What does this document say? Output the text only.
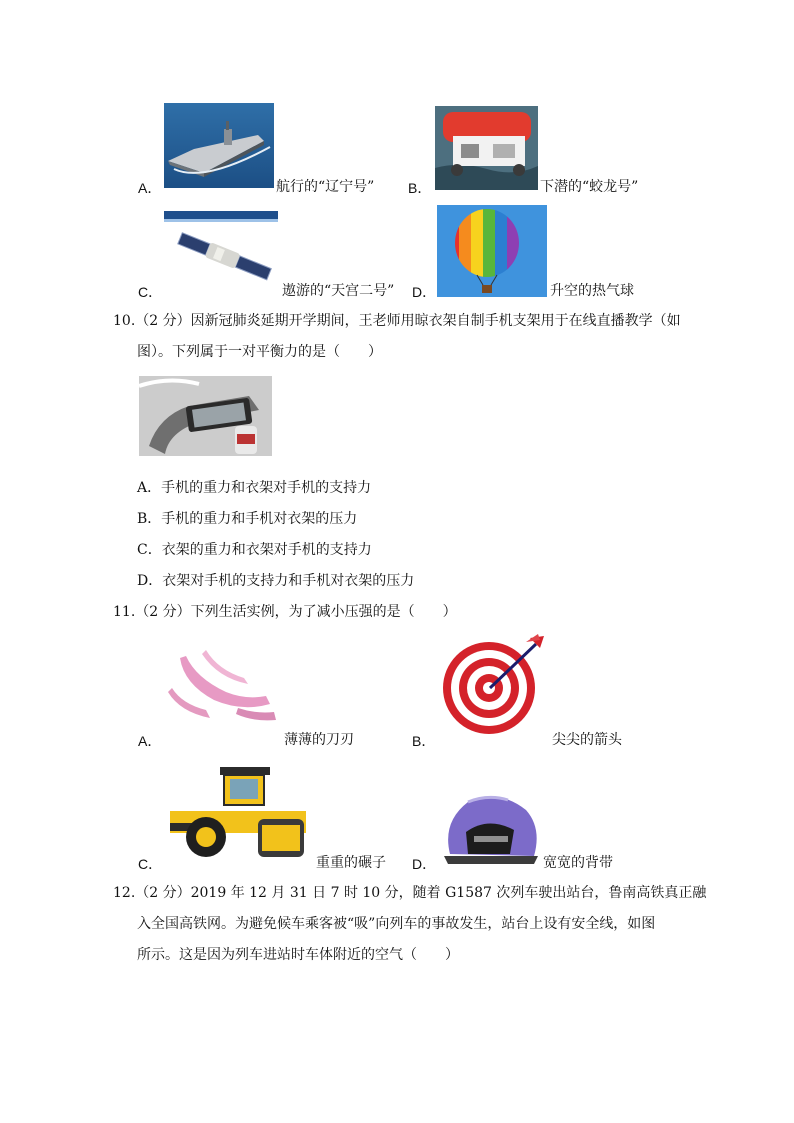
A．	航行的“辽宁号” B．	下潜的“蛟龙号”
C．	遨游的“天宫二号” D．	升空的热气球
10.（2 分）因新冠肺炎延期开学期间，王老师用晾衣架自制手机支架用于在线直播教学（如
图）。下列属于一对平衡力的是（　　）
A．手机的重力和衣架对手机的支持力
B．手机的重力和手机对衣架的压力
C．衣架的重力和衣架对手机的支持力
D．衣架对手机的支持力和手机对衣架的压力
11.（2 分）下列生活实例，为了减小压强的是（　　）
A．	薄薄的刀刃	B．	尖尖的箭头
C．	重重的碾子 D．	宽宽的背带
12.（2 分）2019 年 12 月 31 日 7 时 10 分，随着 G1587 次列车驶出站台，鲁南高铁真正融
入全国高铁网。为避免候车乘客被“吸”向列车的事故发生，站台上设有安全线，如图
所示。这是因为列车进站时车体附近的空气（　　）
